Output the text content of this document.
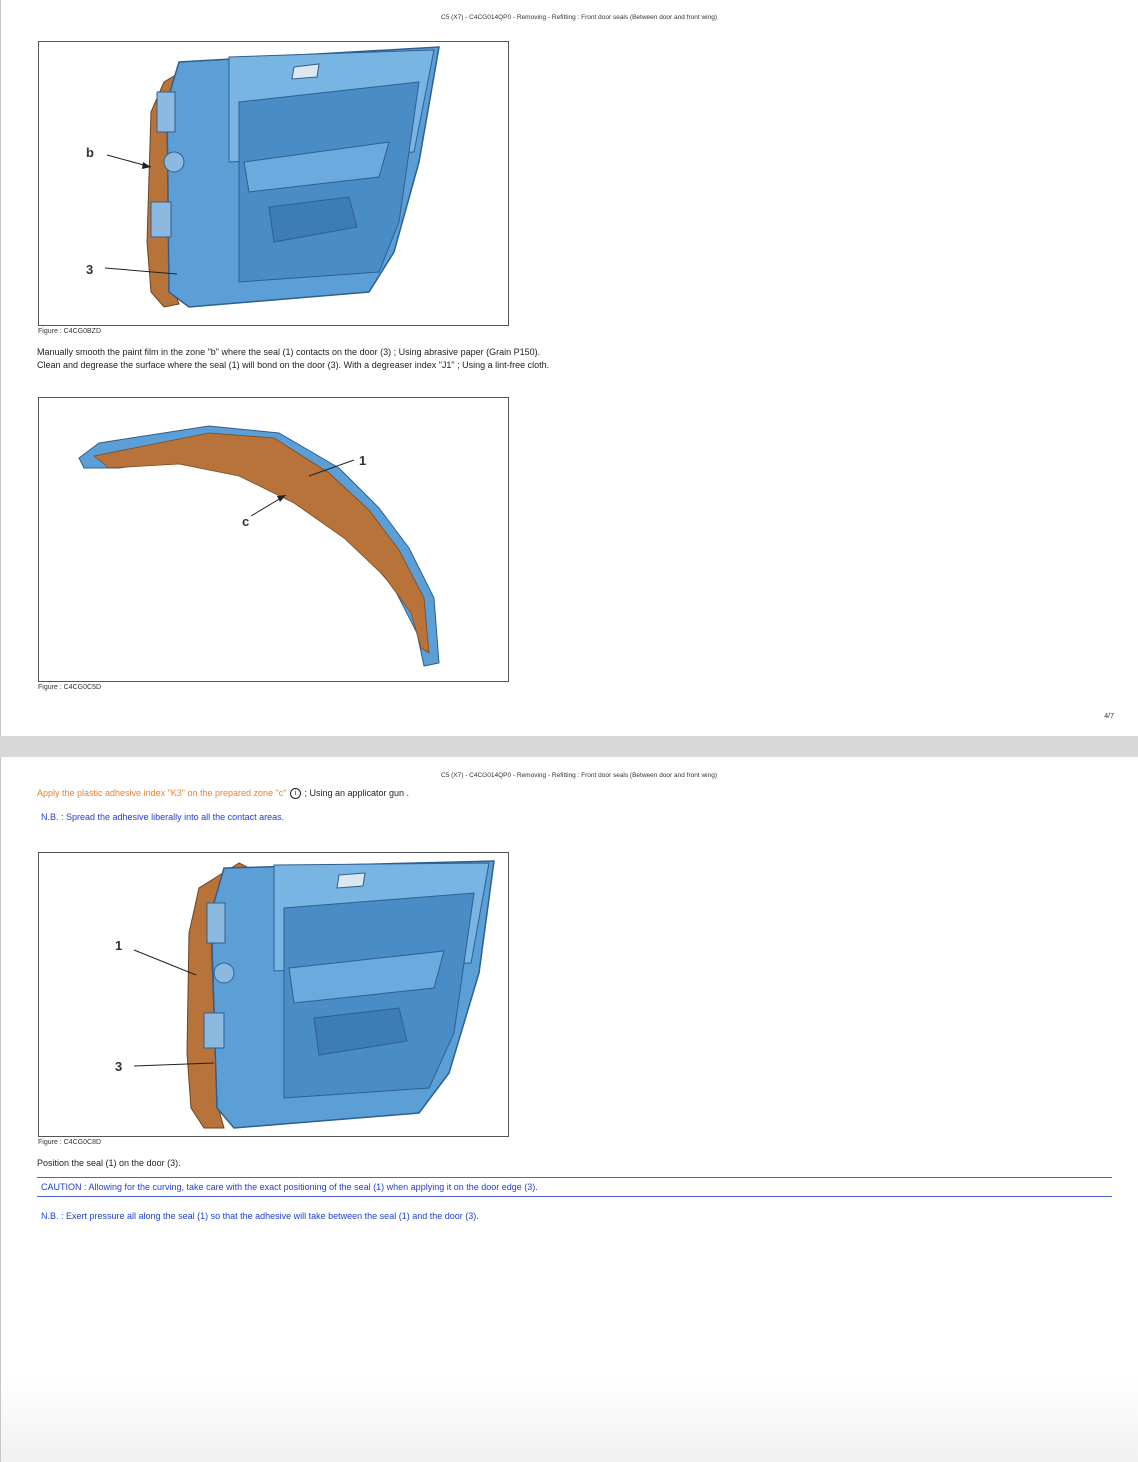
C5 (X7) - C4CG014QP0 - Removing - Refitting : Front door seals (Between door and front wing)
b
3
Figure : C4CG0BZD
Manually smooth the paint film in the zone "b" where the seal (1) contacts on the door (3) ; Using abrasive paper (Grain P150).
Clean and degrease the surface where the seal (1) will bond on the door (3). With a degreaser index "J1" ; Using a lint-free cloth.
1
c
Figure : C4CG0C5D
4/7
C5 (X7) - C4CG014QP0 - Removing - Refitting : Front door seals (Between door and front wing)
Apply the plastic adhesive index "K3" on the prepared zone "c" i ; Using an applicator gun .
N.B. : Spread the adhesive liberally into all the contact areas.
1
3
Figure : C4CG0C8D
Position the seal (1) on the door (3).
CAUTION : Allowing for the curving, take care with the exact positioning of the seal (1) when applying it on the door edge (3).
N.B. : Exert pressure all along the seal (1) so that the adhesive will take between the seal (1) and the door (3).
